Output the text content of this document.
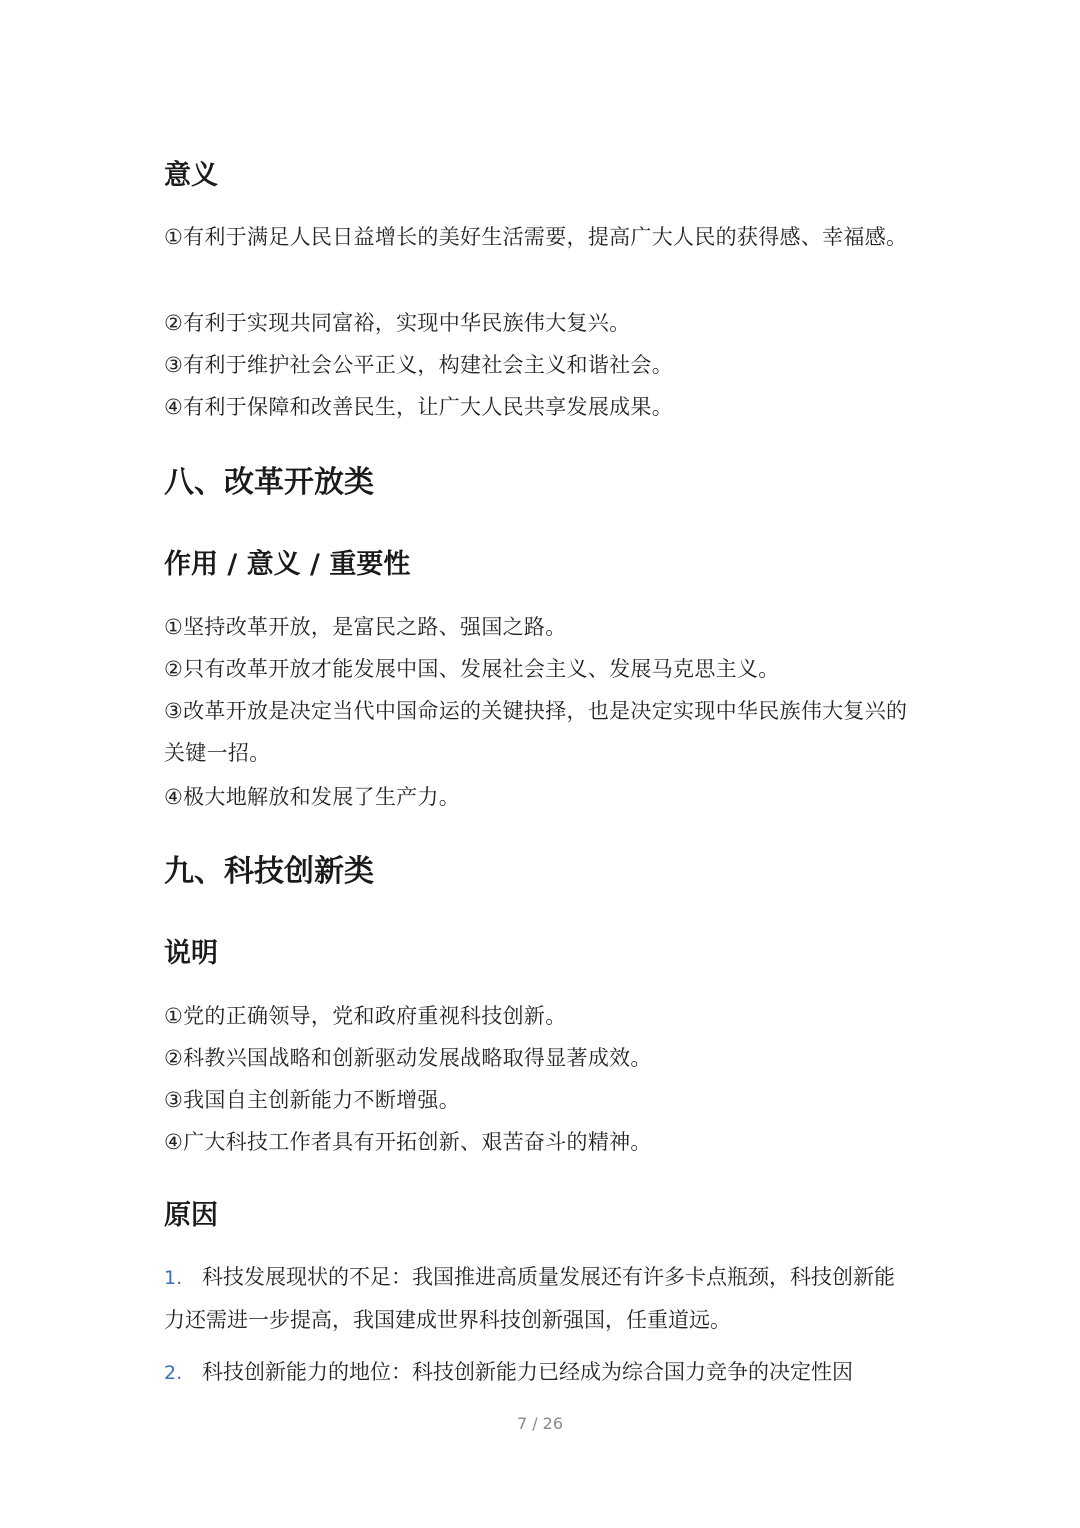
意义

①有利于满足人民日益增长的美好生活需要，提高广大人民的获得感、幸福感。

②有利于实现共同富裕，实现中华民族伟大复兴。

③有利于维护社会公平正义，构建社会主义和谐社会。

④有利于保障和改善民生，让广大人民共享发展成果。

八、改革开放类
作用 / 意义 / 重要性

①坚持改革开放，是富民之路、强国之路。

②只有改革开放才能发展中国、发展社会主义、发展马克思主义。

③改革开放是决定当代中国命运的关键抉择，也是决定实现中华民族伟大复兴的关键一招。

④极大地解放和发展了生产力。

九、科技创新类
说明

①党的正确领导，党和政府重视科技创新。

②科教兴国战略和创新驱动发展战略取得显著成效。

③我国自主创新能力不断增强。

④广大科技工作者具有开拓创新、艰苦奋斗的精神。

原因
1. 科技发展现状的不足：我国推进高质量发展还有许多卡点瓶颈，科技创新能力还需进一步提高，我国建成世界科技创新强国，任重道远。
2. 科技创新能力的地位：科技创新能力已经成为综合国力竞争的决定性因
7 / 26
